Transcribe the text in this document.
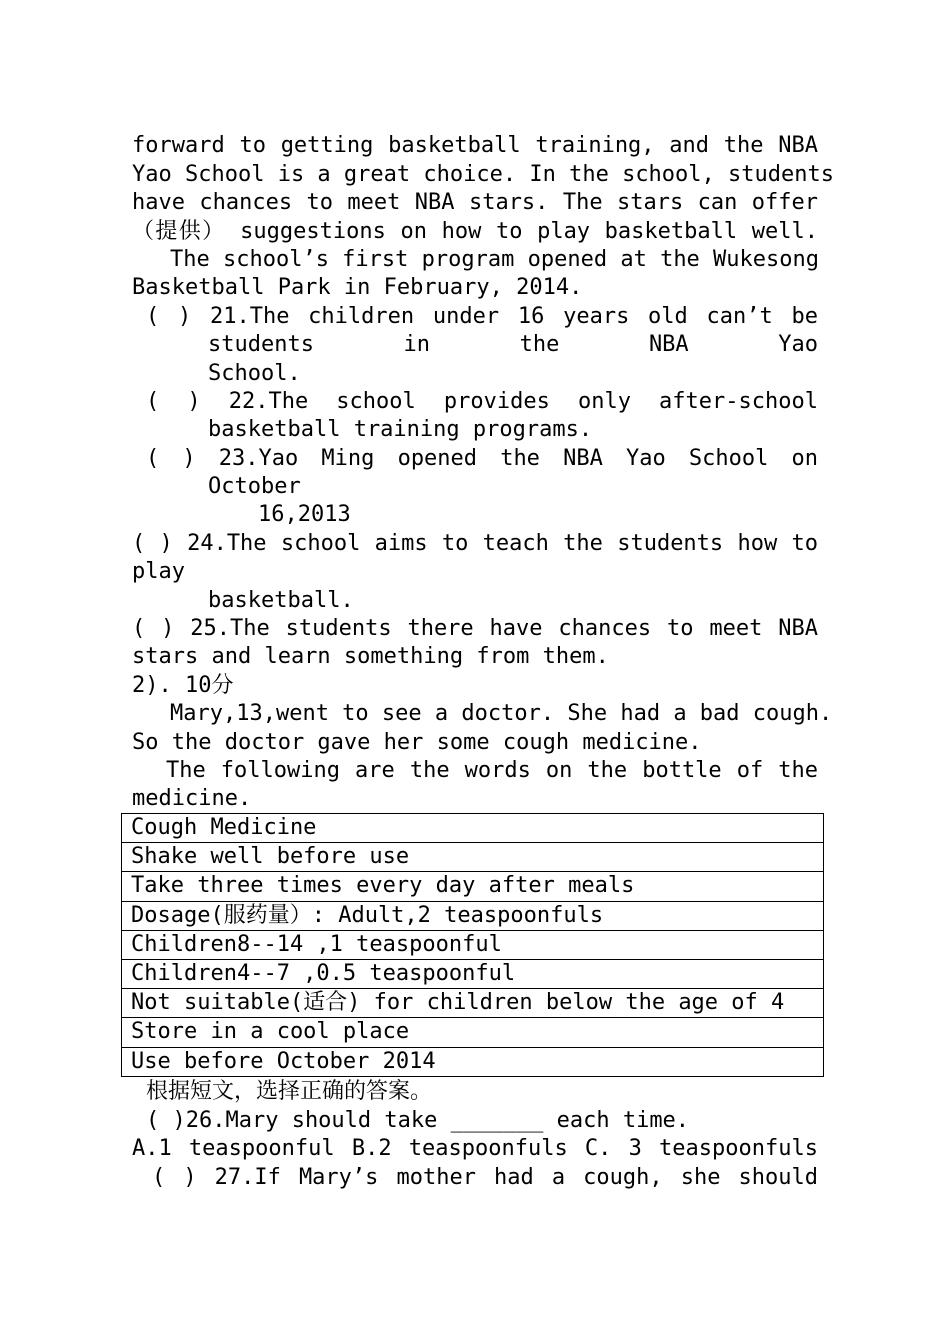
forward to getting basketball training, and the NBA
Yao School is a great choice. In the school, students
have chances to meet NBA stars. The stars can offer
（提供） suggestions on how to play basketball well.
The school’s first program opened at the Wukesong
Basketball Park in February, 2014.
( ) 21.The children under 16 years old can’t be
students in the NBA Yao
School.
( ) 22.The school provides only after-school
basketball training programs.
( ) 23.Yao Ming opened the NBA Yao School on
October
16,2013
( ) 24.The school aims to teach the students how to
play
basketball.
( ) 25.The students there have chances to meet NBA
stars and learn something from them.
2). 10分
Mary,13,went to see a doctor. She had a bad cough.
So the doctor gave her some cough medicine.
The following are the words on the bottle of the
medicine.
Cough Medicine
Shake well before use
Take three times every day after meals
Dosage(服药量）: Adult,2 teaspoonfuls
Children8--14 ,1 teaspoonful
Children4--7 ,0.5 teaspoonful
Not suitable(适合) for children below the age of 4
Store in a cool place
Use before October 2014
根据短文，选择正确的答案。
( )26.Mary should take _______ each time.
A.1 teaspoonful B.2 teaspoonfuls C. 3 teaspoonfuls
( ) 27.If Mary’s mother had a cough, she should
